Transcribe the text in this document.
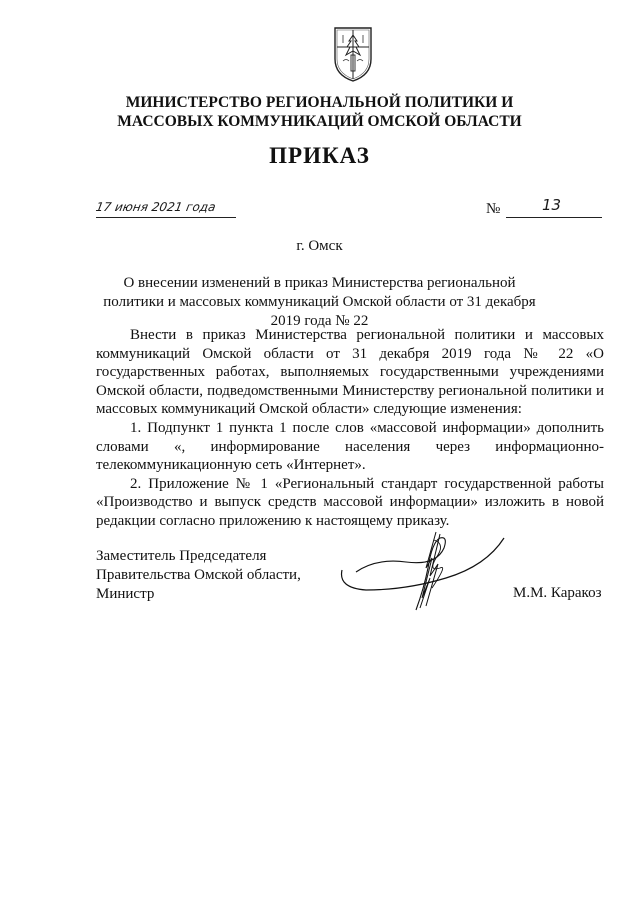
МИНИСТЕРСТВО РЕГИОНАЛЬНОЙ ПОЛИТИКИ И
МАССОВЫХ КОММУНИКАЦИЙ ОМСКОЙ ОБЛАСТИ
ПРИКАЗ
17 июня 2021 года	№	13
г. Омск
О внесении изменений в приказ Министерства региональной политики и массовых коммуникаций Омской области от 31 декабря 2019 года № 22

Внести в приказ Министерства региональной политики и массовых коммуникаций Омской области от 31 декабря 2019 года № 22 «О государственных работах, выполняемых государственными учреждениями Омской области, подведомственными Министерству региональной политики и массовых коммуникаций Омской области» следующие изменения:

1. Подпункт 1 пункта 1 после слов «массовой информации» дополнить словами «, информирование населения через информационно-телекоммуникационную сеть «Интернет».

2. Приложение № 1 «Региональный стандарт государственной работы «Производство и выпуск средств массовой информации» изложить в новой редакции согласно приложению к настоящему приказу.

Заместитель Председателя
Правительства Омской области,
Министр	М.М. Каракоз
